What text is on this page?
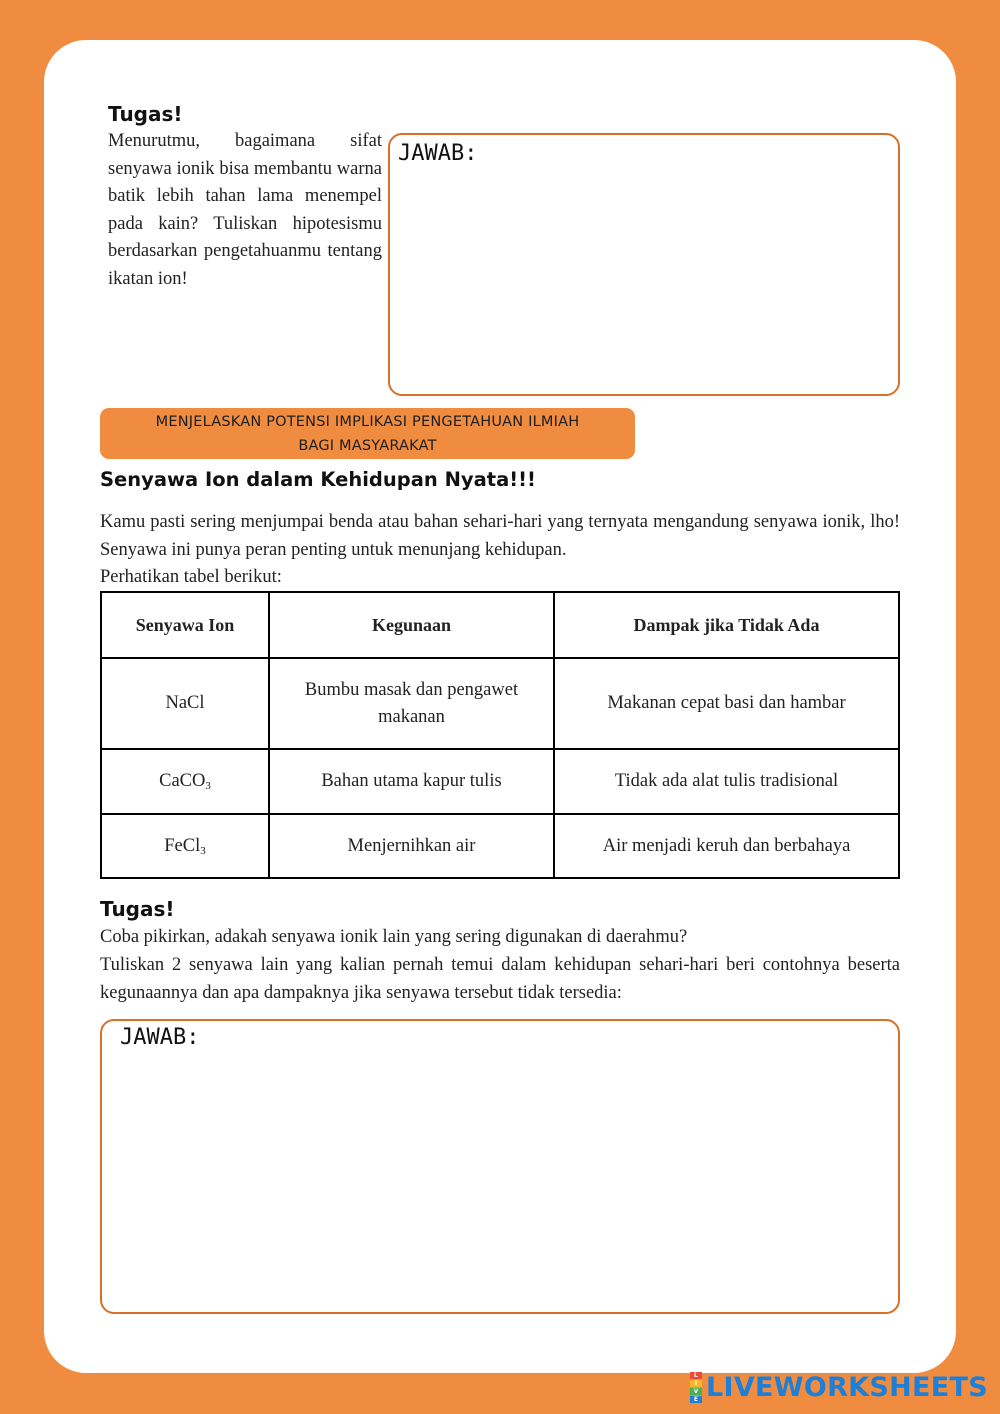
Tugas!
Menurutmu, bagaimana sifat senyawa ionik bisa membantu warna batik lebih tahan lama menempel pada kain? Tuliskan hipotesismu berdasarkan pengetahuanmu tentang ikatan ion!
JAWAB:
MENJELASKAN POTENSI IMPLIKASI PENGETAHUAN ILMIAH
BAGI MASYARAKAT
Senyawa Ion dalam Kehidupan Nyata!!!
Kamu pasti sering menjumpai benda atau bahan sehari-hari yang ternyata mengandung senyawa ionik, lho! Senyawa ini punya peran penting untuk menunjang kehidupan.
Perhatikan tabel berikut:
Senyawa Ion	Kegunaan	Dampak jika Tidak Ada
NaCl	Bumbu masak dan pengawet makanan	Makanan cepat basi dan hambar
CaCO$_3$	Bahan utama kapur tulis	Tidak ada alat tulis tradisional
FeCl$_3$	Menjernihkan air	Air menjadi keruh dan berbahaya
Tugas!
Coba pikirkan, adakah senyawa ionik lain yang sering digunakan di daerahmu?
Tuliskan 2 senyawa lain yang kalian pernah temui dalam kehidupan sehari-hari beri contohnya beserta kegunaannya dan apa dampaknya jika senyawa tersebut tidak tersedia:
JAWAB:
L
I
V
E LIVEWORKSHEETS
